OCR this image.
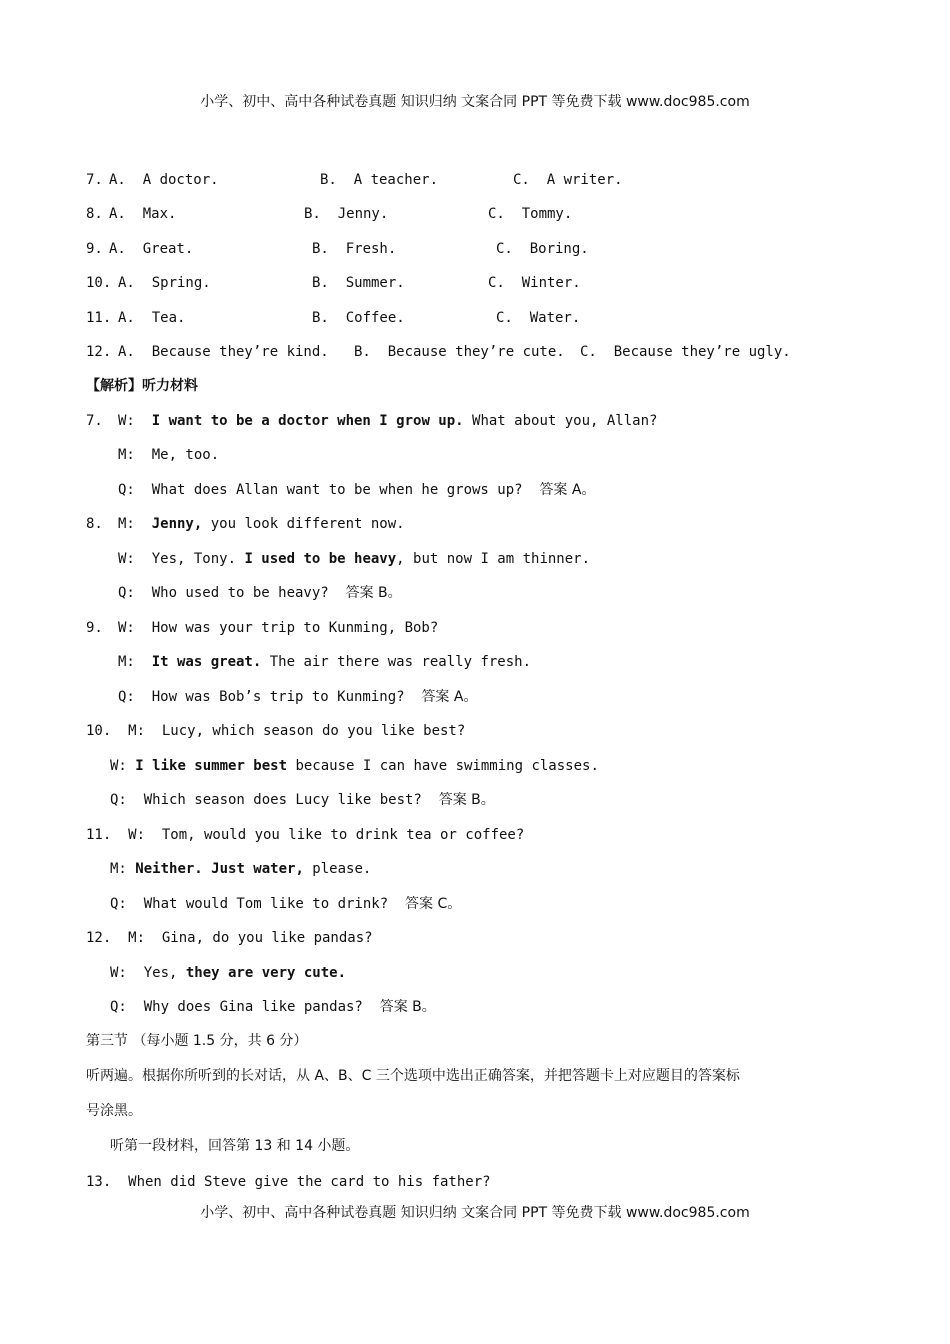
小学、初中、高中各种试卷真题 知识归纳 文案合同 PPT 等免费下载 www.doc985.com
7. A.  A doctor.	B.  A teacher.	C.  A writer.
8. A.  Max.	B.  Jenny.	C.  Tommy.
9. A.  Great.	B.  Fresh.	C.  Boring.
10. A.  Spring.	B.  Summer.	C.  Winter.
11. A.  Tea.	B.  Coffee.	C.  Water.
12. A.  Because they’re kind. B.  Because they’re cute. C.  Because they’re ugly.
【解析】听力材料
7. W: I want to be a doctor when I grow up. What about you, Allan?
M:  Me, too.
Q:  What does Allan want to be when he grows up? 答案 A。
8. M: Jenny, you look different now.
W:  Yes, Tony. I used to be heavy, but now I am thinner.
Q:  Who used to be heavy? 答案 B。
9. W:  How was your trip to Kunming, Bob?
M: It was great. The air there was really fresh.
Q:  How was Bob’s trip to Kunming? 答案 A。
10.  M:  Lucy, which season do you like best?
W: I like summer best because I can have swimming classes.
Q:  Which season does Lucy like best? 答案 B。
11.  W:  Tom, would you like to drink tea or coffee?
M: Neither. Just water, please.
Q:  What would Tom like to drink? 答案 C。
12.  M:  Gina, do you like pandas?
W:  Yes, they are very cute.
Q:  Why does Gina like pandas? 答案 B。
第三节 （每小题 1.5 分，共 6 分）
听两遍。根据你所听到的长对话，从 A、B、C 三个选项中选出正确答案，并把答题卡上对应题目的答案标
号涂黑。
听第一段材料，回答第 13 和 14 小题。
13.  When did Steve give the card to his father?
小学、初中、高中各种试卷真题 知识归纳 文案合同 PPT 等免费下载 www.doc985.com
